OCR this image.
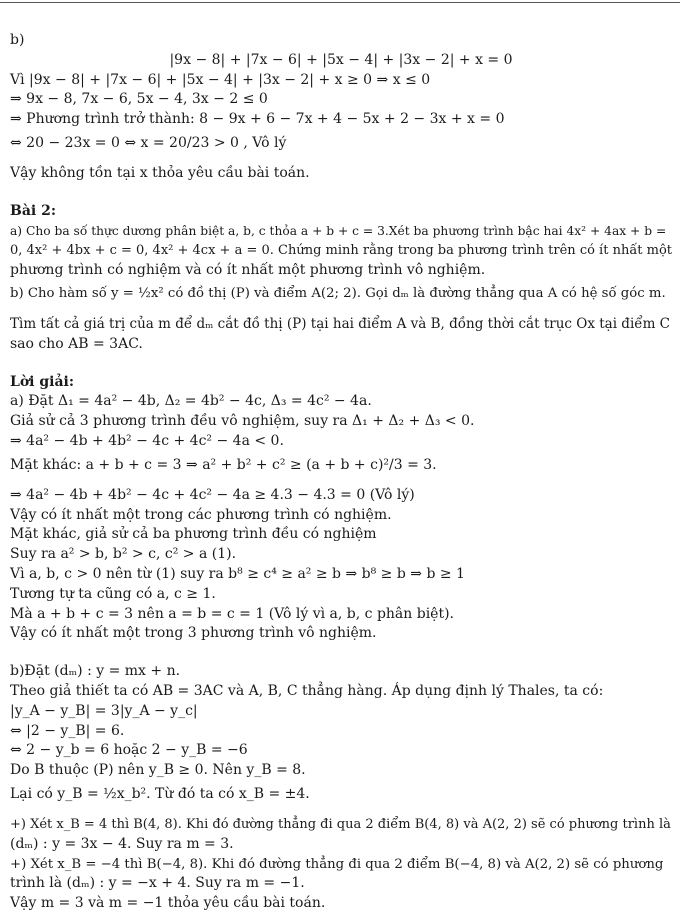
b)
|9x − 8| + |7x − 6| + |5x − 4| + |3x − 2| + x = 0
Vì |9x − 8| + |7x − 6| + |5x − 4| + |3x − 2| + x ≥ 0 ⇒ x ≤ 0
⇒ 9x − 8, 7x − 6, 5x − 4, 3x − 2 ≤ 0
⇒ Phương trình trở thành: 8 − 9x + 6 − 7x + 4 − 5x + 2 − 3x + x = 0
⇔ 20 − 23x = 0 ⇔ x = 20/23 > 0 , Vô lý
Vậy không tồn tại x thỏa yêu cầu bài toán.
Bài 2:
a) Cho ba số thực dương phân biệt a, b, c thỏa a + b + c = 3.Xét ba phương trình bậc hai 4x² + 4ax + b =
0, 4x² + 4bx + c = 0, 4x² + 4cx + a = 0. Chứng minh rằng trong ba phương trình trên có ít nhất một
phương trình có nghiệm và có ít nhất một phương trình vô nghiệm.
b) Cho hàm số y = ½x² có đồ thị (P) và điểm A(2; 2). Gọi dₘ là đường thẳng qua A có hệ số góc m.
Tìm tất cả giá trị của m để dₘ cắt đồ thị (P) tại hai điểm A và B, đồng thời cắt trục Ox tại điểm C
sao cho AB = 3AC.
Lời giải:
a) Đặt Δ₁ = 4a² − 4b, Δ₂ = 4b² − 4c, Δ₃ = 4c² − 4a.
Giả sử cả 3 phương trình đều vô nghiệm, suy ra Δ₁ + Δ₂ + Δ₃ < 0.
⇒ 4a² − 4b + 4b² − 4c + 4c² − 4a < 0.
Mặt khác: a + b + c = 3 ⇒ a² + b² + c² ≥ (a + b + c)²/3 = 3.
⇒ 4a² − 4b + 4b² − 4c + 4c² − 4a ≥ 4.3 − 4.3 = 0 (Vô lý)
Vậy có ít nhất một trong các phương trình có nghiệm.
Mặt khác, giả sử cả ba phương trình đều có nghiệm
Suy ra a² > b, b² > c, c² > a (1).
Vì a, b, c > 0 nên từ (1) suy ra b⁸ ≥ c⁴ ≥ a² ≥ b ⇒ b⁸ ≥ b ⇒ b ≥ 1
Tương tự ta cũng có a, c ≥ 1.
Mà a + b + c = 3 nên a = b = c = 1 (Vô lý vì a, b, c phân biệt).
Vậy có ít nhất một trong 3 phương trình vô nghiệm.
b)Đặt (dₘ) : y = mx + n.
Theo giả thiết ta có AB = 3AC và A, B, C thẳng hàng. Áp dụng định lý Thales, ta có:
|y_A − y_B| = 3|y_A − y_c|
⇔ |2 − y_B| = 6.
⇔ 2 − y_b = 6 hoặc 2 − y_B = −6
Do B thuộc (P) nên y_B ≥ 0. Nên y_B = 8.
Lại có y_B = ½x_b². Từ đó ta có x_B = ±4.
+) Xét x_B = 4 thì B(4, 8). Khi đó đường thẳng đi qua 2 điểm B(4, 8) và A(2, 2) sẽ có phương trình là
(dₘ) : y = 3x − 4. Suy ra m = 3.
+) Xét x_B = −4 thì B(−4, 8). Khi đó đường thẳng đi qua 2 điểm B(−4, 8) và A(2, 2) sẽ có phương
trình là (dₘ) : y = −x + 4. Suy ra m = −1.
Vậy m = 3 và m = −1 thỏa yêu cầu bài toán.
